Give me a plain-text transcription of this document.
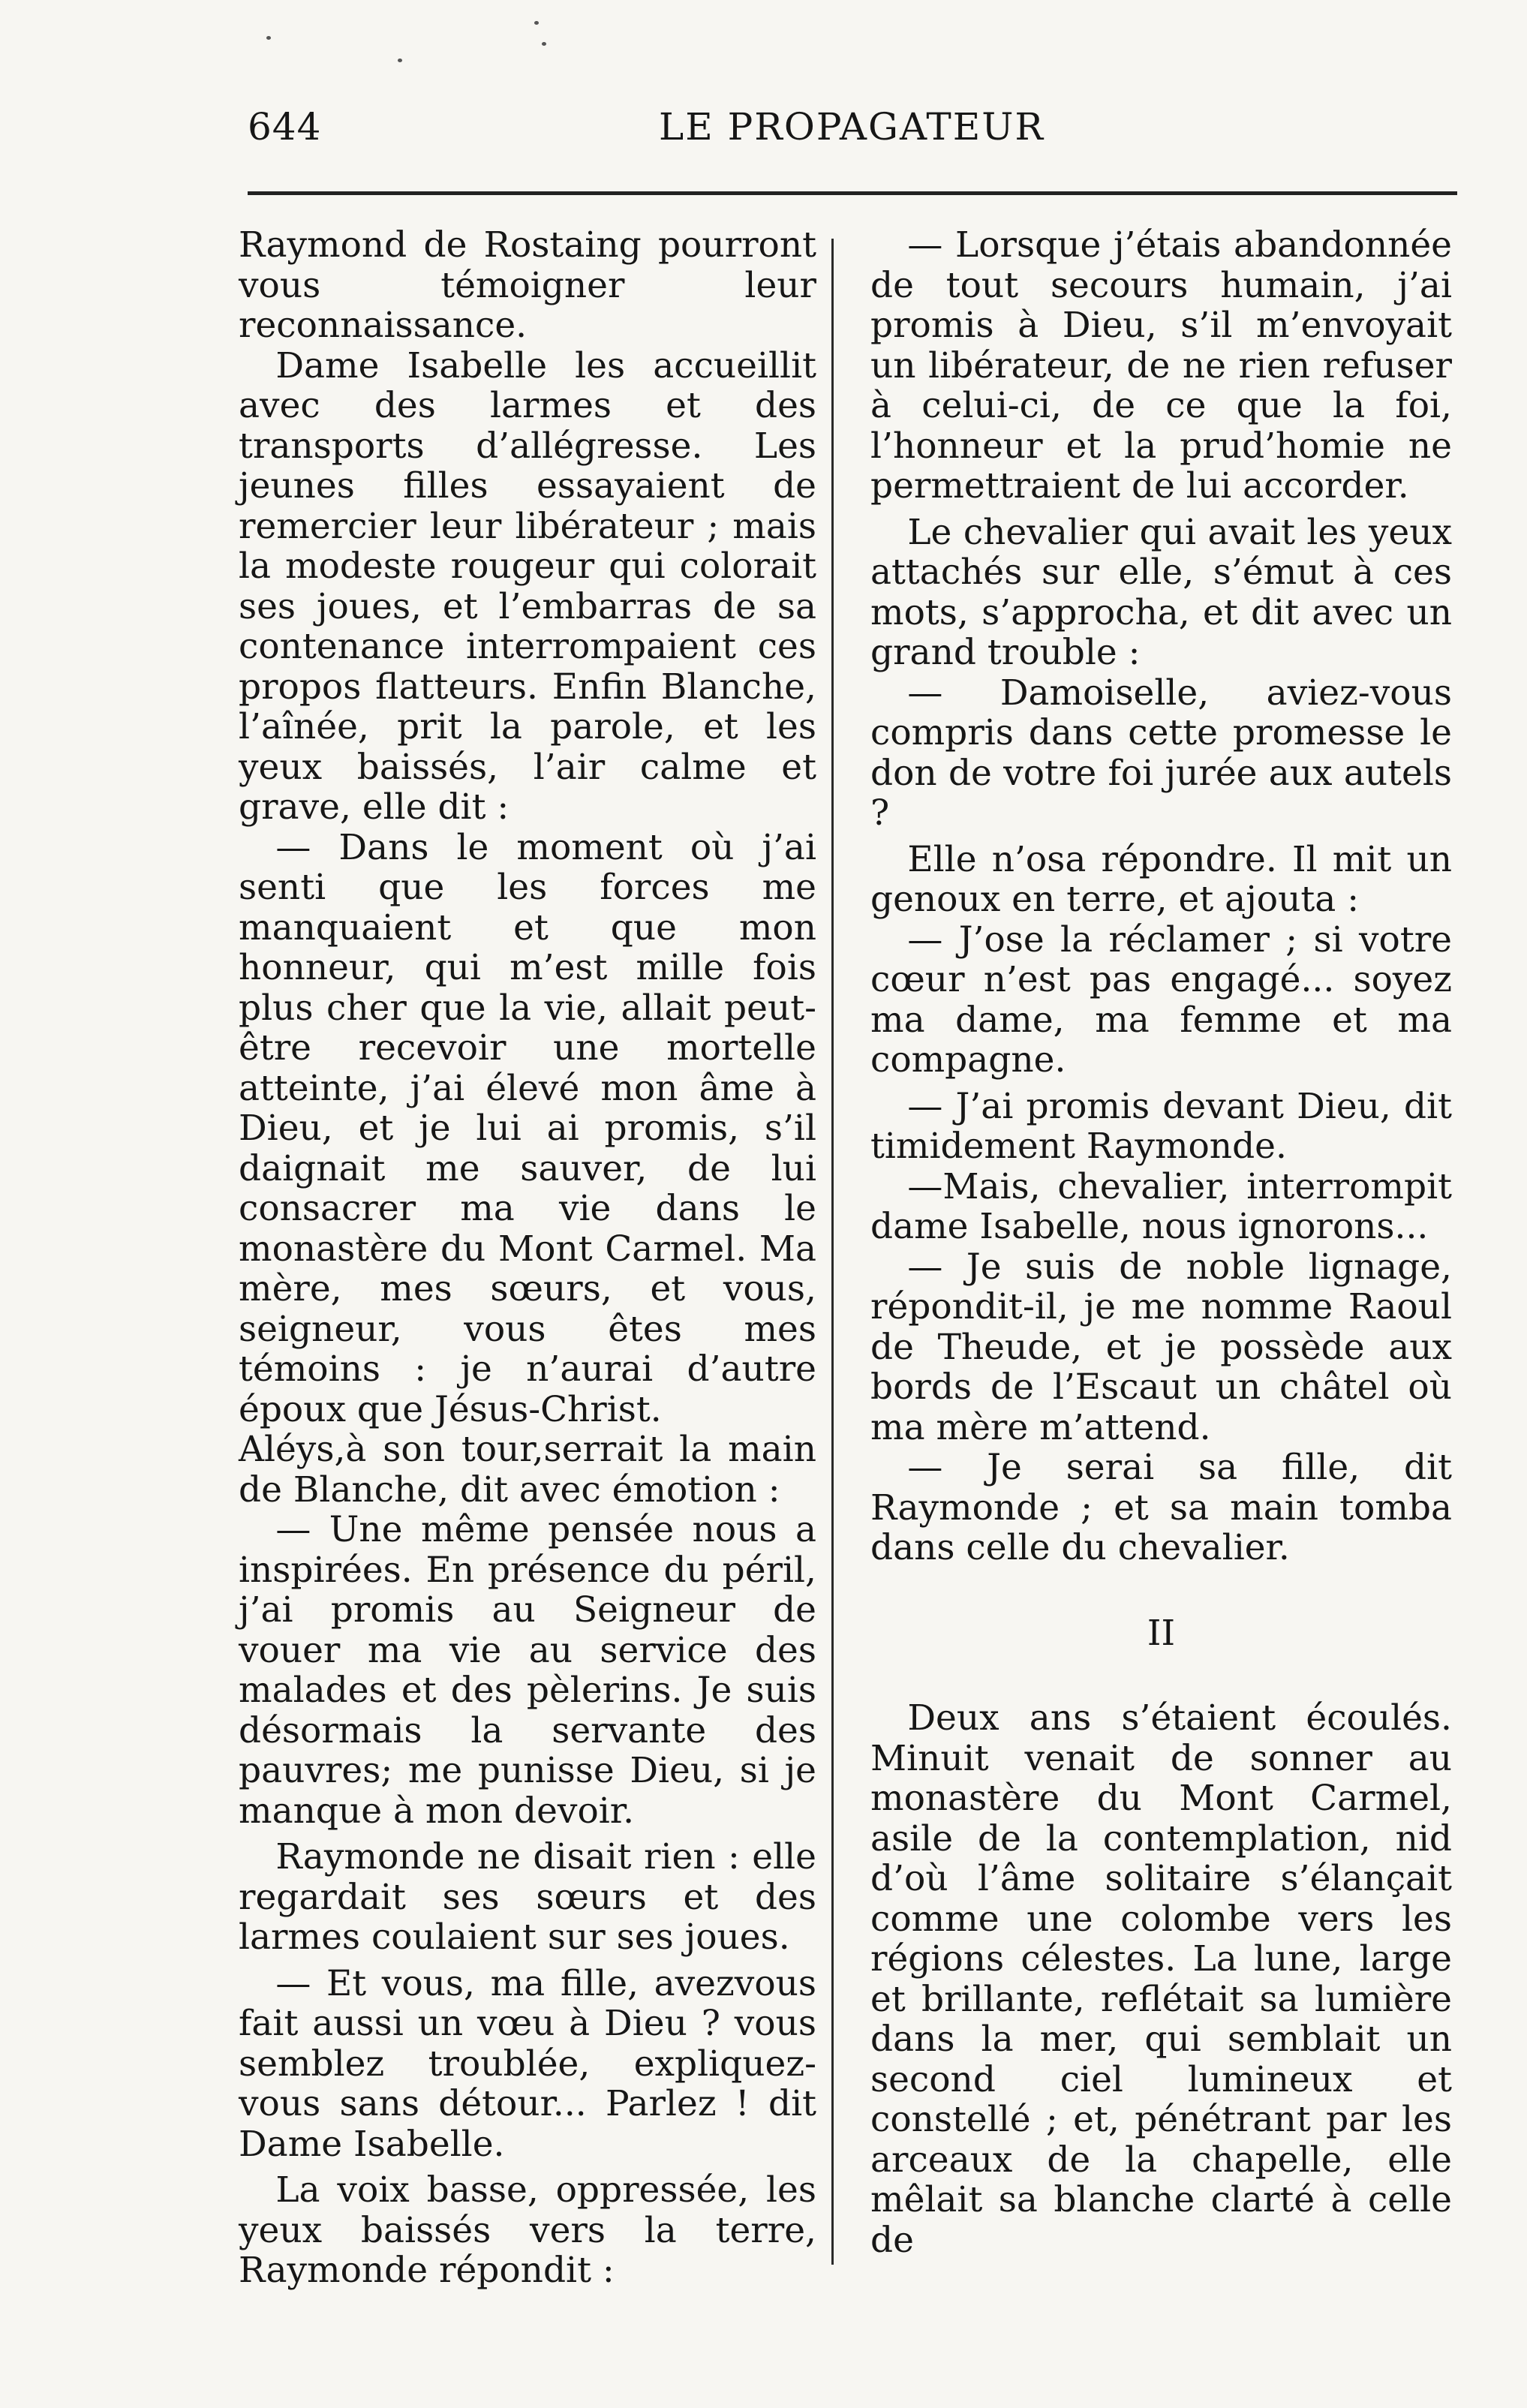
644	LE PROPAGATEUR

Raymond de Rostaing pourront vous témoigner leur reconnaissance.

Dame Isabelle les accueillit avec des larmes et des transports d’allégresse. Les jeunes filles essayaient de remercier leur libérateur ; mais la modeste rougeur qui colorait ses joues, et l’embarras de sa contenance interrompaient ces propos flatteurs. Enfin Blanche, l’aînée, prit la parole, et les yeux baissés, l’air calme et grave, elle dit :

— Dans le moment où j’ai senti que les forces me manquaient et que mon honneur, qui m’est mille fois plus cher que la vie, allait peut-être recevoir une mortelle atteinte, j’ai élevé mon âme à Dieu, et je lui ai promis, s’il daignait me sauver, de lui consacrer ma vie dans le monastère du Mont Carmel. Ma mère, mes sœurs, et vous, seigneur, vous êtes mes témoins : je n’aurai d’autre époux que Jésus-Christ.

Aléys,à son tour,serrait la main de Blanche, dit avec émotion :

— Une même pensée nous a inspirées. En présence du péril, j’ai promis au Seigneur de vouer ma vie au service des malades et des pèlerins. Je suis désormais la servante des pauvres; me punisse Dieu, si je manque à mon devoir.

Raymonde ne disait rien : elle regardait ses sœurs et des larmes coulaient sur ses joues.

— Et vous, ma fille, avezvous fait aussi un vœu à Dieu ? vous semblez troublée, expliquez-vous sans détour... Parlez ! dit Dame Isabelle.

La voix basse, oppressée, les yeux baissés vers la terre, Raymonde répondit :

— Lorsque j’étais abandonnée de tout secours humain, j’ai promis à Dieu, s’il m’envoyait un libérateur, de ne rien refuser à celui-ci, de ce que la foi, l’honneur et la prud’homie ne permettraient de lui accorder.

Le chevalier qui avait les yeux attachés sur elle, s’émut à ces mots, s’approcha, et dit avec un grand trouble :

— Damoiselle, aviez-vous compris dans cette promesse le don de votre foi jurée aux autels ?

Elle n’osa répondre. Il mit un genoux en terre, et ajouta :

— J’ose la réclamer ; si votre cœur n’est pas engagé... soyez ma dame, ma femme et ma compagne.

— J’ai promis devant Dieu, dit timidement Raymonde.

—Mais, chevalier, interrompit dame Isabelle, nous ignorons...

— Je suis de noble lignage, répondit-il, je me nomme Raoul de Theude, et je possède aux bords de l’Escaut un châtel où ma mère m’attend.

— Je serai sa fille, dit Raymonde ; et sa main tomba dans celle du chevalier.

II

Deux ans s’étaient écoulés. Minuit venait de sonner au monastère du Mont Carmel, asile de la contemplation, nid d’où l’âme solitaire s’élançait comme une colombe vers les régions célestes. La lune, large et brillante, reflétait sa lumière dans la mer, qui semblait un second ciel lumineux et constellé ; et, pénétrant par les arceaux de la chapelle, elle mêlait sa blanche clarté à celle de
